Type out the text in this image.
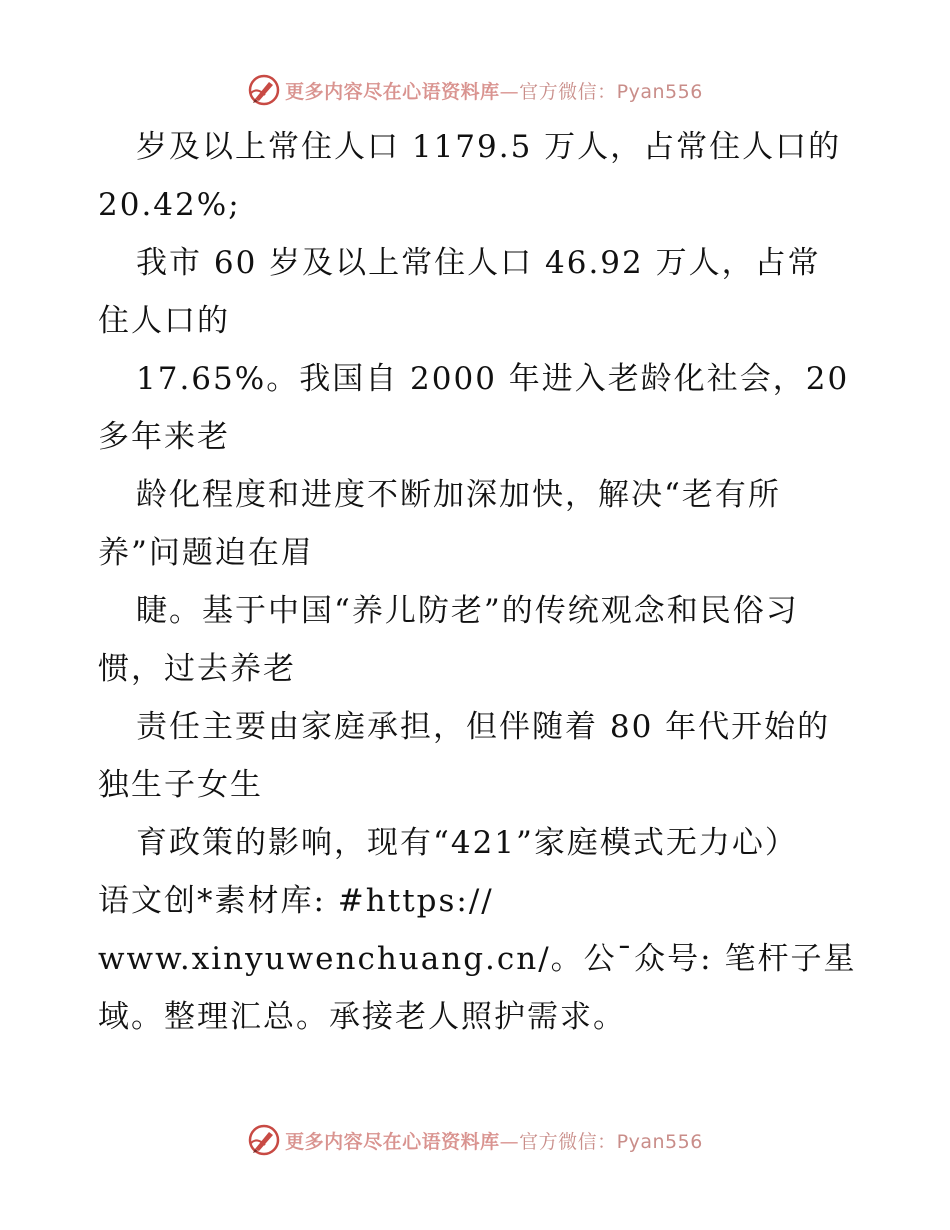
更多内容尽在心语资料库—官方微信：Pyan556
岁及以上常住人口 1179.5 万人，占常住人口的
20.42%;
我市 60 岁及以上常住人口 46.92 万人，占常
住人口的
17.65%。我国自 2000 年进入老龄化社会，20
多年来老
龄化程度和进度不断加深加快，解决“老有所
养”问题迫在眉
睫。基于中国“养儿防老”的传统观念和民俗习
惯，过去养老
责任主要由家庭承担，但伴随着 80 年代开始的
独生子女生
育政策的影响，现有“421”家庭模式无力心）
语文创*素材库: #https://
www.xinyuwenchuang.cn/。公¯众号: 笔杆子星
域。整理汇总。承接老人照护需求。
更多内容尽在心语资料库—官方微信：Pyan556
